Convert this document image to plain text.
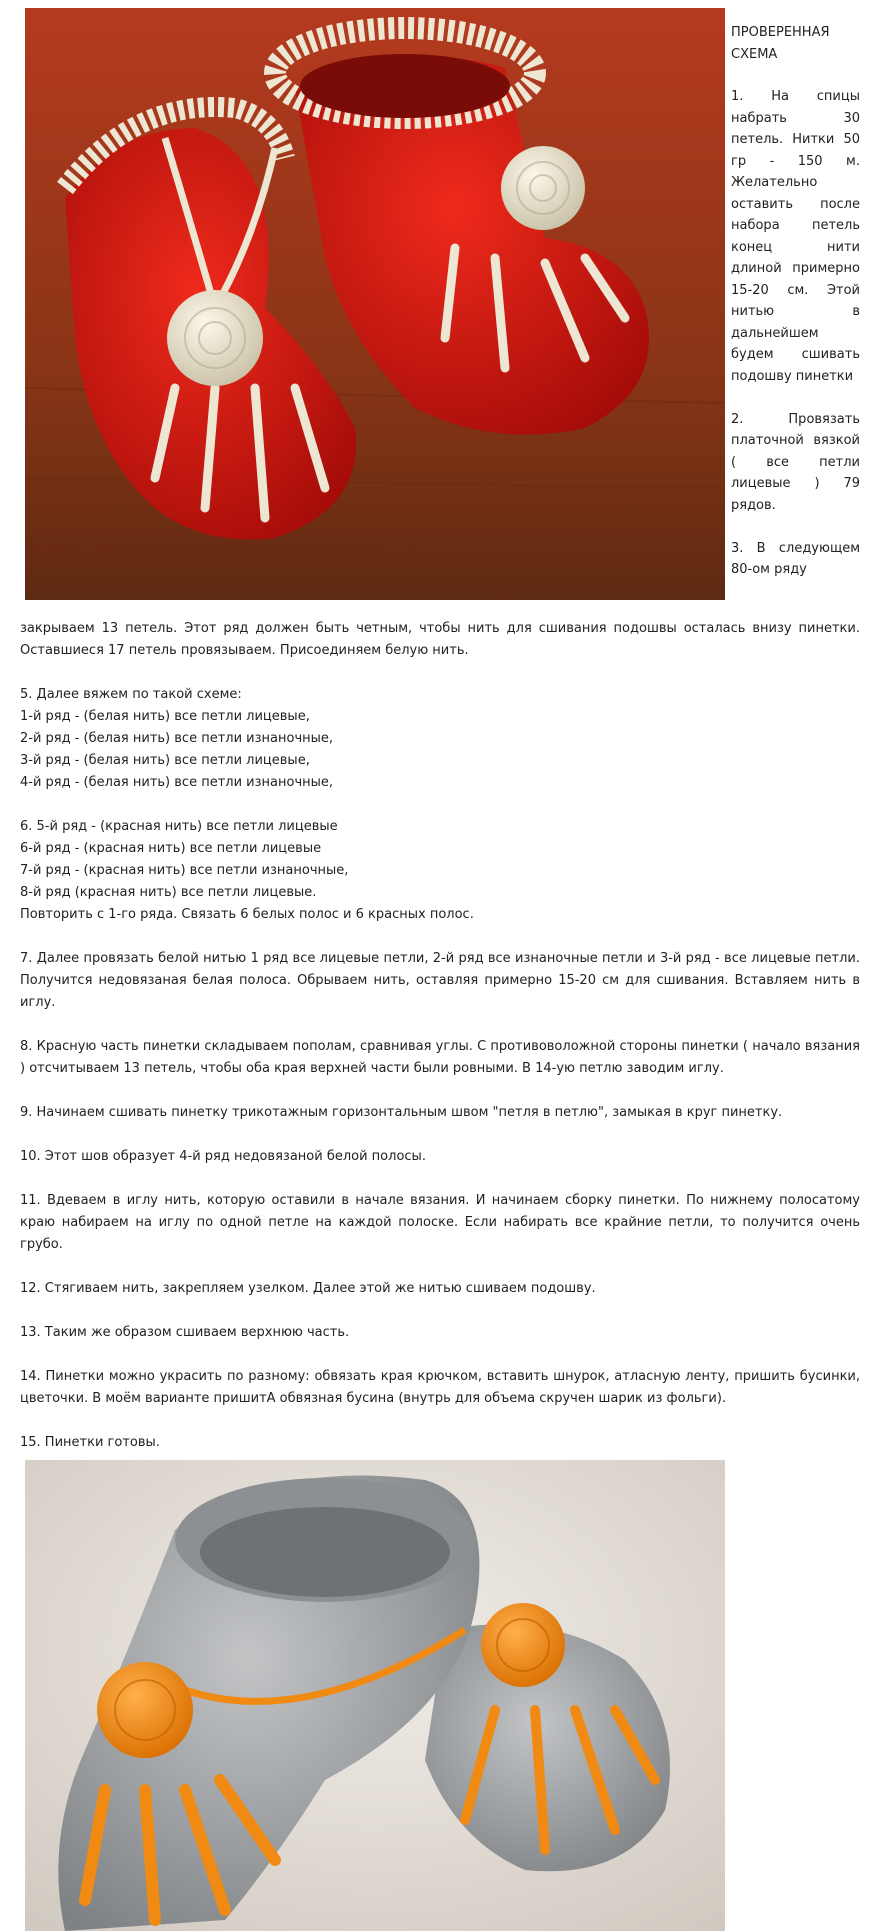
ПРОВЕРЕННАЯ СХЕМА

1. На спицы набрать 30 петель. Нитки 50 гр - 150 м. Желательно оставить после набора петель конец нити длиной примерно 15-20 см. Этой нитью в дальнейшем будем сшивать подошву пинетки

2. Провязать платочной вязкой ( все петли лицевые ) 79 рядов.

3. В следующем 80-ом ряду

закрываем 13 петель. Этот ряд должен быть четным, чтобы нить для сшивания подошвы осталась внизу пинетки. Оставшиеся 17 петель провязываем. Присоединяем белую нить.

5. Далее вяжем по такой схеме:
1-й ряд - (белая нить) все петли лицевые,
2-й ряд - (белая нить) все петли изнаночные,
3-й ряд - (белая нить) все петли лицевые,
4-й ряд - (белая нить) все петли изнаночные,
6. 5-й ряд - (красная нить) все петли лицевые
6-й ряд - (красная нить) все петли лицевые
7-й ряд - (красная нить) все петли изнаночные,
8-й ряд (красная нить) все петли лицевые.
Повторить с 1-го ряда. Связать 6 белых полос и 6 красных полос.

7. Далее провязать белой нитью 1 ряд все лицевые петли, 2-й ряд все изнаночные петли и 3-й ряд - все лицевые петли. Получится недовязаная белая полоса. Обрываем нить, оставляя примерно 15-20 см для сшивания. Вставляем нить в иглу.

8. Красную часть пинетки складываем пополам, сравнивая углы. С противоволожной стороны пинетки ( начало вязания ) отсчитываем 13 петель, чтобы оба края верхней части были ровными. В 14-ую петлю заводим иглу.

9. Начинаем сшивать пинетку трикотажным горизонтальным швом "петля в петлю", замыкая в круг пинетку.

10. Этот шов образует 4-й ряд недовязаной белой полосы.

11. Вдеваем в иглу нить, которую оставили в начале вязания. И начинаем сборку пинетки. По нижнему полосатому краю набираем на иглу по одной петле на каждой полоске. Если набирать все крайние петли, то получится очень грубо.

12. Стягиваем нить, закрепляем узелком. Далее этой же нитью сшиваем подошву.

13. Таким же образом сшиваем верхнюю часть.

14. Пинетки можно украсить по разному: обвязать края крючком, вставить шнурок, атласную ленту, пришить бусинки, цветочки. В моём варианте пришитА обвязная бусина (внутрь для объема скручен шарик из фольги).

15. Пинетки готовы.
